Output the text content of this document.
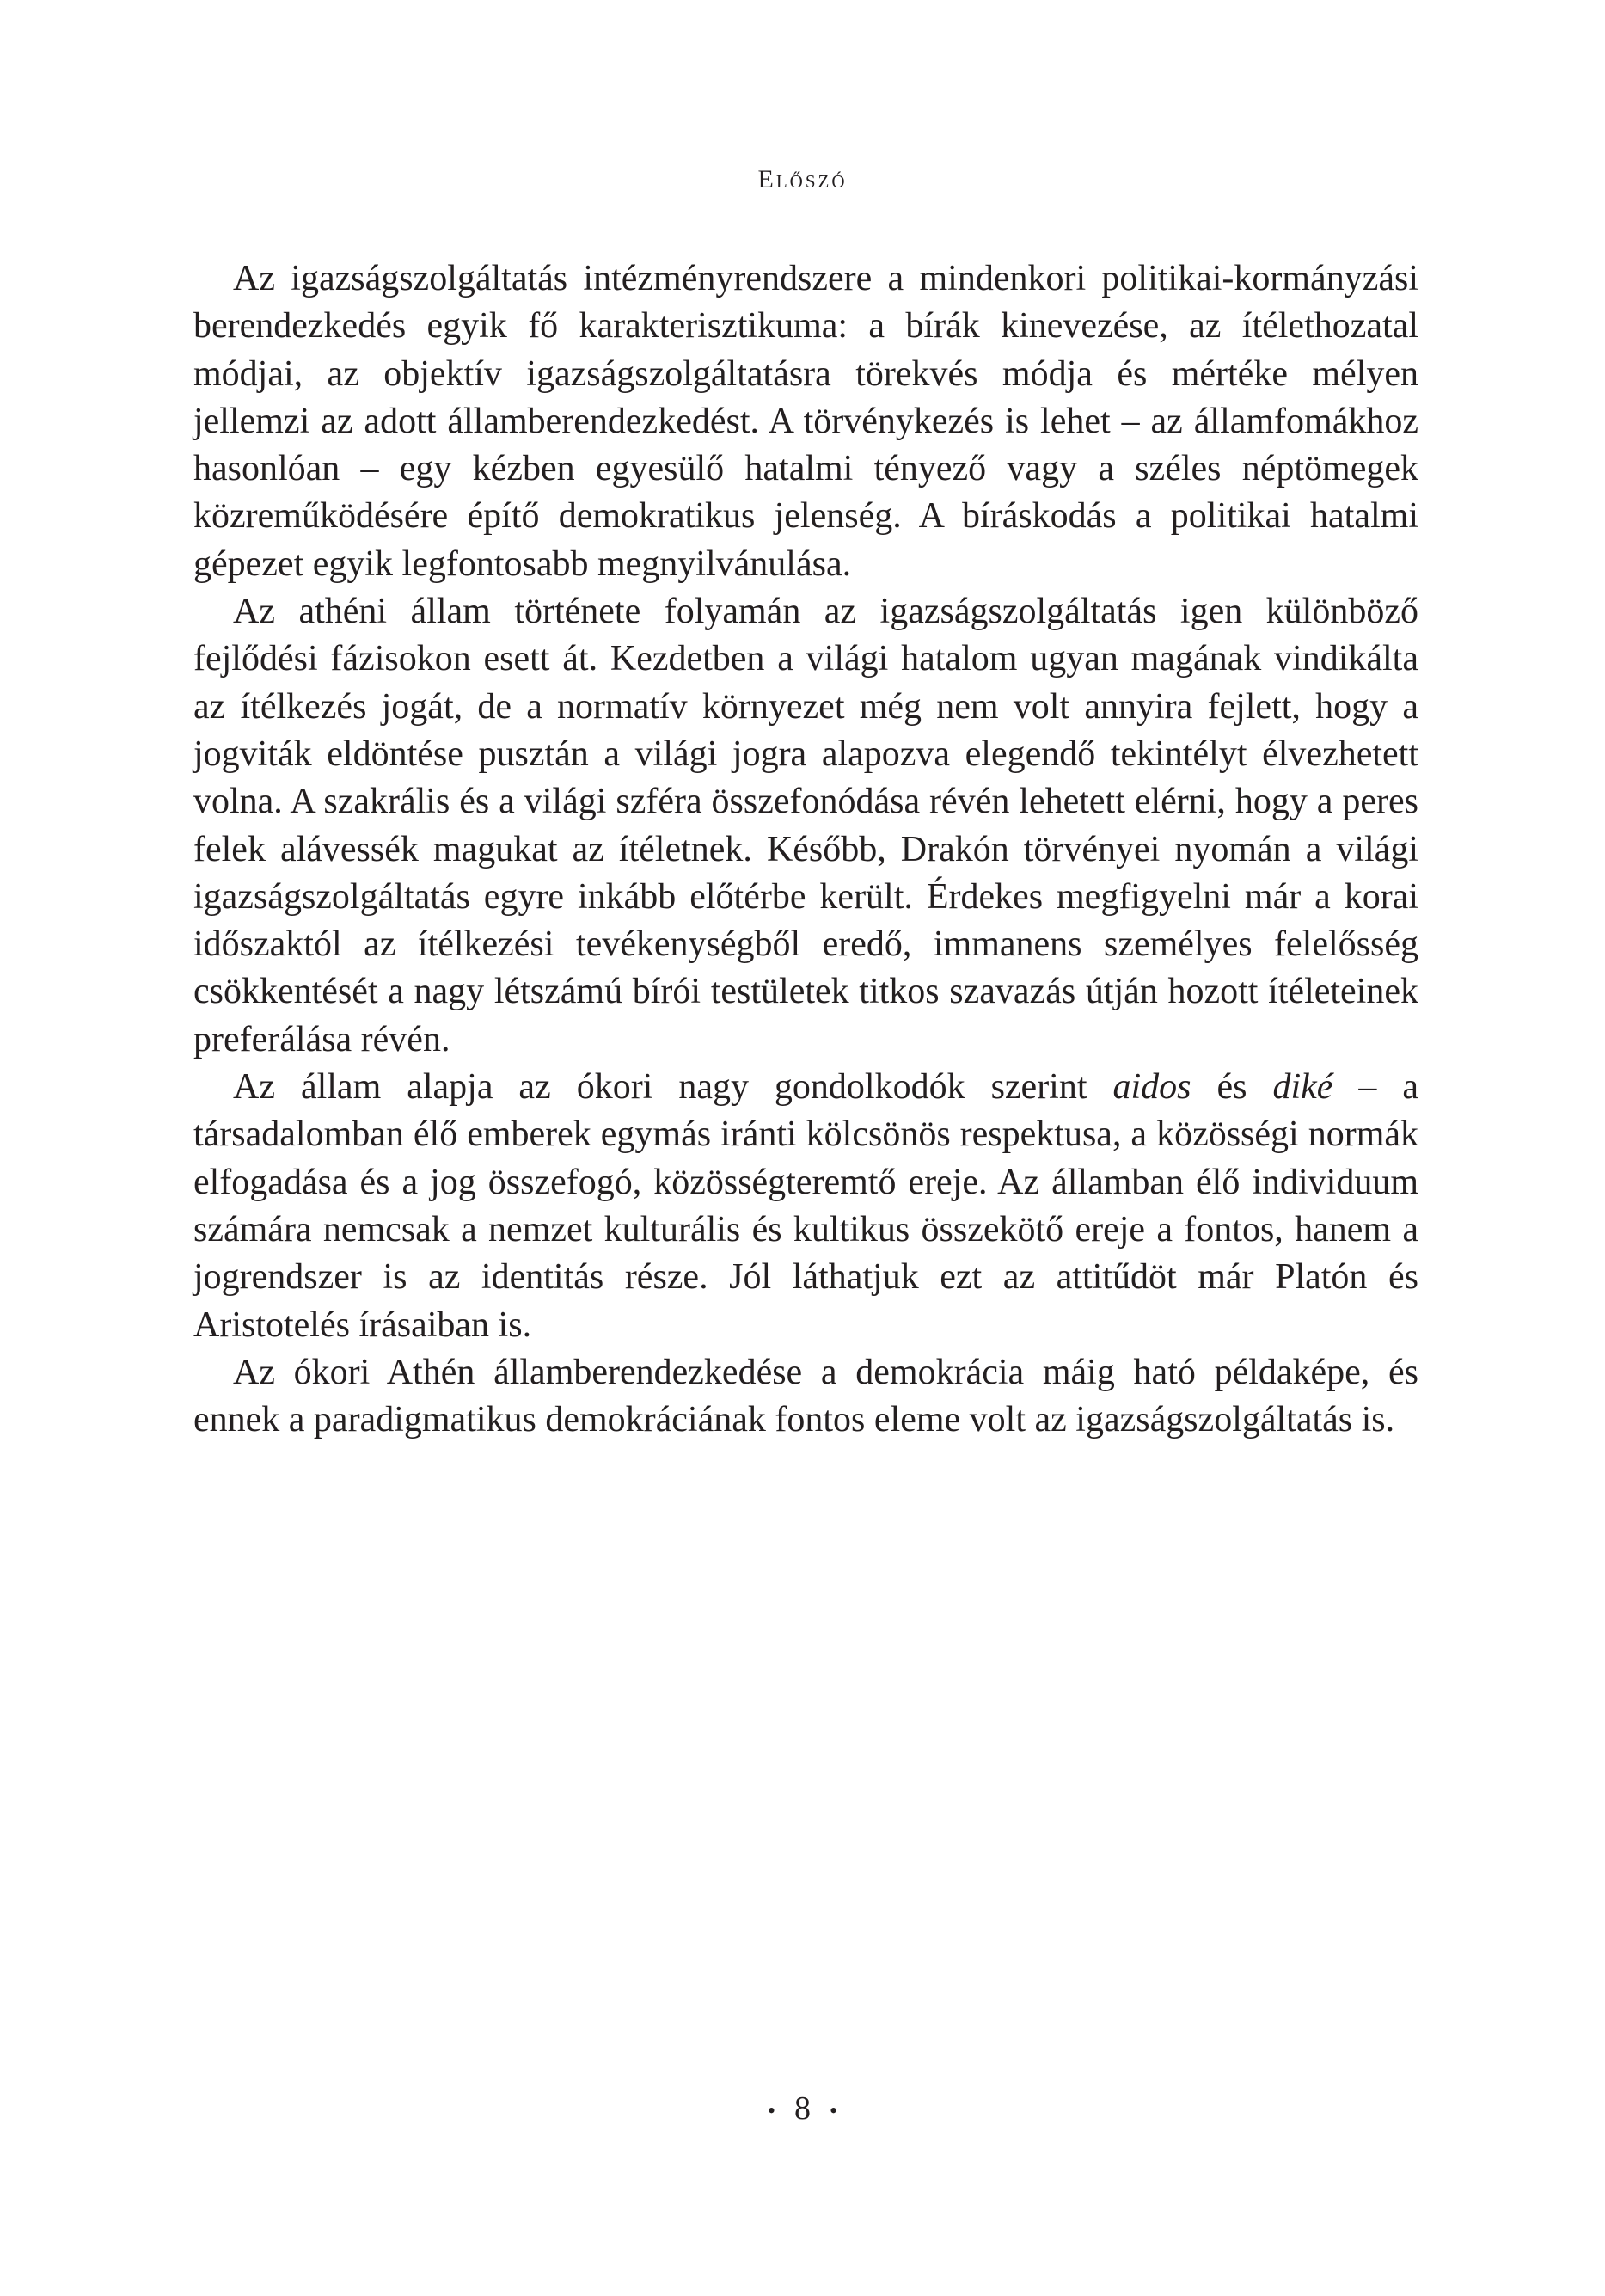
Előszó

Az igazságszolgáltatás intézményrendszere a mindenkori politikai-kormányzási berendezkedés egyik fő karakterisztikuma: a bírák kinevezése, az ítélethozatal módjai, az objektív igazságszolgáltatásra törekvés módja és mértéke mélyen jellemzi az adott államberendezkedést. A törvénykezés is lehet – az államfomákhoz hasonlóan – egy kézben egyesülő hatalmi tényező vagy a széles néptömegek közreműködésére építő demokratikus jelenség. A bíráskodás a politikai hatalmi gépezet egyik legfontosabb megnyilvánulása.

Az athéni állam története folyamán az igazságszolgáltatás igen különböző fejlődési fázisokon esett át. Kezdetben a világi hatalom ugyan magának vindikálta az ítélkezés jogát, de a normatív környezet még nem volt annyira fejlett, hogy a jogviták eldöntése pusztán a világi jogra alapozva elegendő tekintélyt élvezhetett volna. A szakrális és a világi szféra összefonódása révén lehetett elérni, hogy a peres felek alávessék magukat az ítéletnek. Később, Drakón törvényei nyomán a világi igazságszolgáltatás egyre inkább előtérbe került. Érdekes megfigyelni már a korai időszaktól az ítélkezési tevékenységből eredő, immanens személyes felelősség csökkentését a nagy létszámú bírói testületek titkos szavazás útján hozott ítéleteinek preferálása révén.

Az állam alapja az ókori nagy gondolkodók szerint aidos és diké – a társadalomban élő emberek egymás iránti kölcsönös respektusa, a közösségi normák elfogadása és a jog összefogó, közösségteremtő ereje. Az államban élő individuum számára nemcsak a nemzet kulturális és kultikus összekötő ereje a fontos, hanem a jogrendszer is az identitás része. Jól láthatjuk ezt az attitűdöt már Platón és Aristotelés írásaiban is.

Az ókori Athén államberendezkedése a demokrácia máig ható példaképe, és ennek a paradigmatikus demokráciának fontos eleme volt az igazságszolgáltatás is.

• 8 •
